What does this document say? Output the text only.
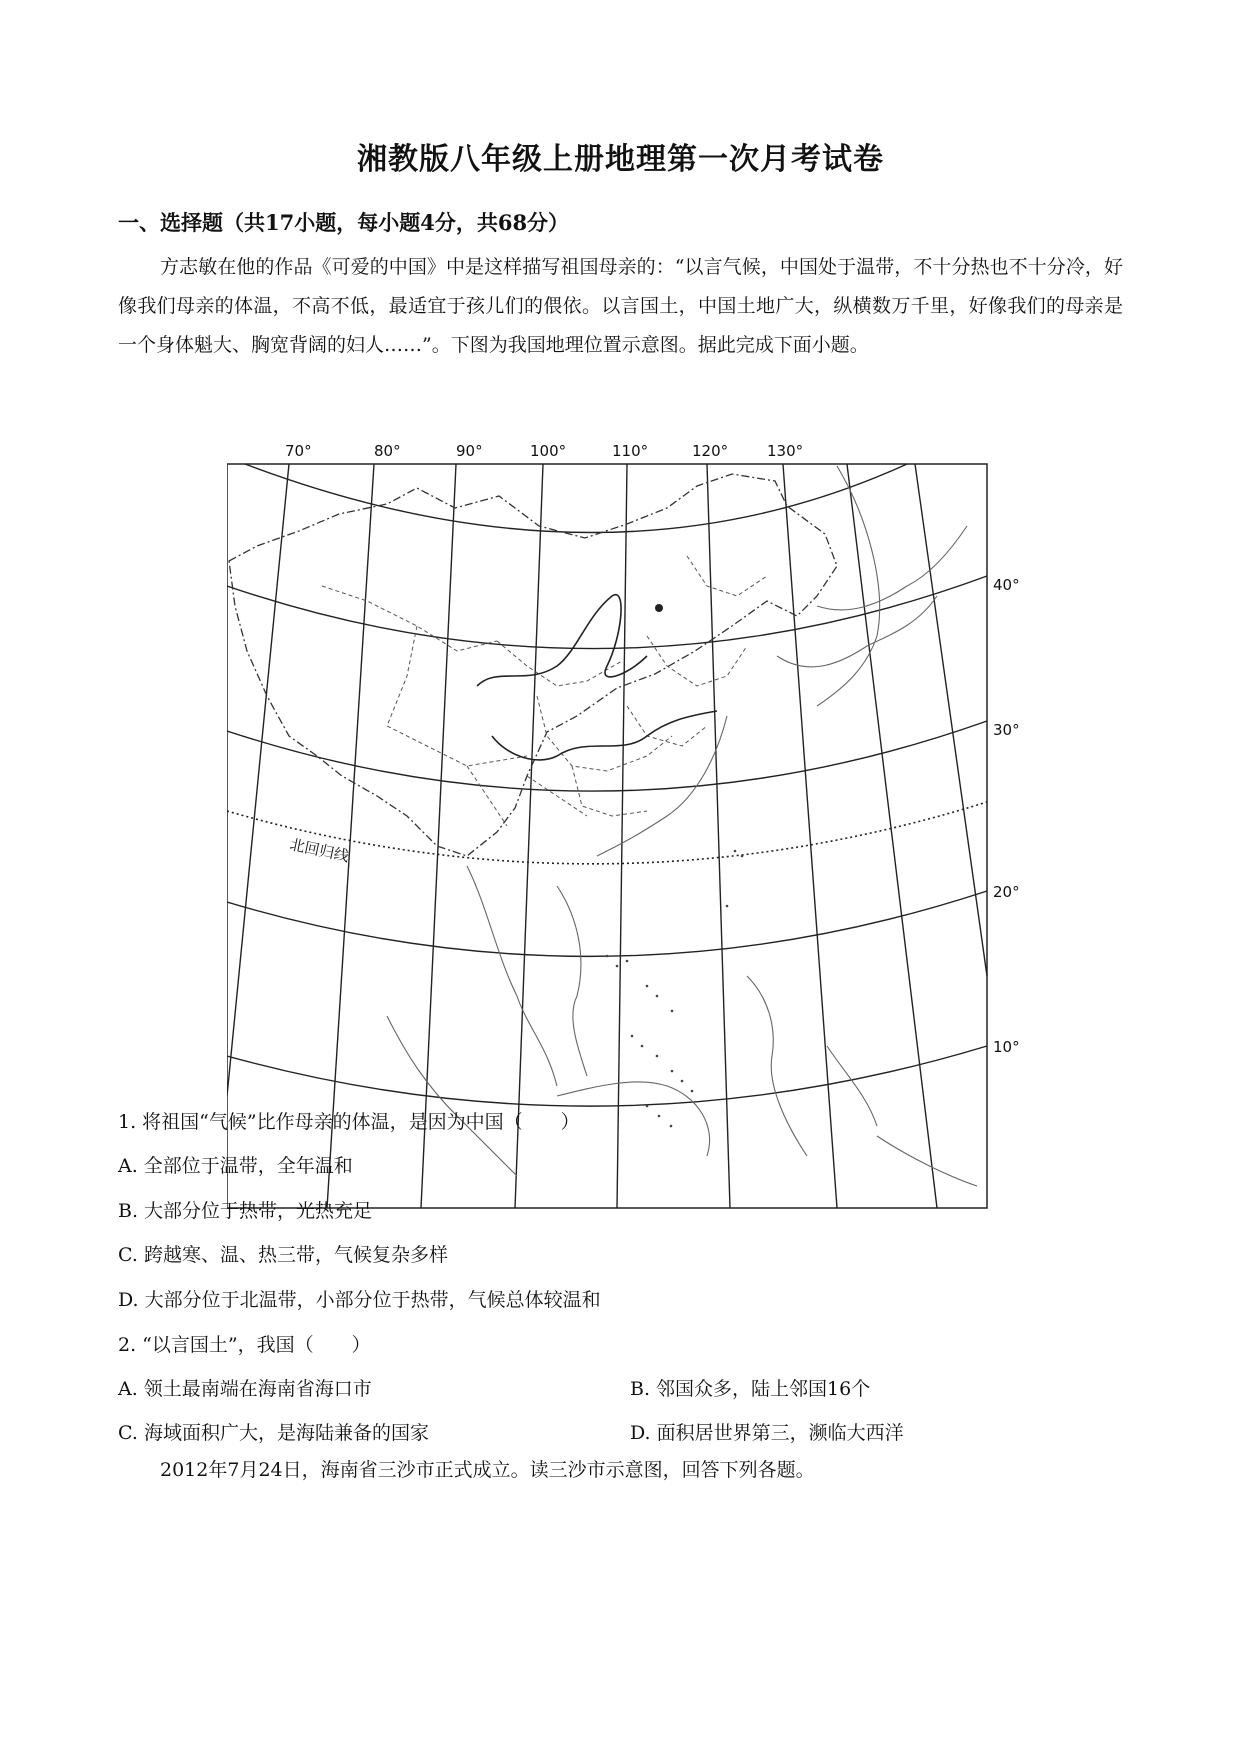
湘教版八年级上册地理第一次月考试卷
一、选择题（共17小题，每小题4分，共68分）
方志敏在他的作品《可爱的中国》中是这样描写祖国母亲的：“以言气候，中国处于温带，不十分热也不十分冷，好像我们母亲的体温，不高不低，最适宜于孩儿们的偎依。以言国土，中国土地广大，纵横数万千里，好像我们的母亲是一个身体魁大、胸宽背阔的妇人……”。下图为我国地理位置示意图。据此完成下面小题。
70°	80°	90°	100°	110°	120°	130°
40°
30°
20°
10°
北回归线
1. 将祖国“气候”比作母亲的体温，是因为中国（　　）
A. 全部位于温带，全年温和
B. 大部分位于热带，光热充足
C. 跨越寒、温、热三带，气候复杂多样
D. 大部分位于北温带，小部分位于热带，气候总体较温和
2. “以言国土”，我国（　　）
A. 领土最南端在海南省海口市	B. 邻国众多，陆上邻国16个
C. 海域面积广大，是海陆兼备的国家	D. 面积居世界第三，濒临大西洋
2012年7月24日，海南省三沙市正式成立。读三沙市示意图，回答下列各题。
